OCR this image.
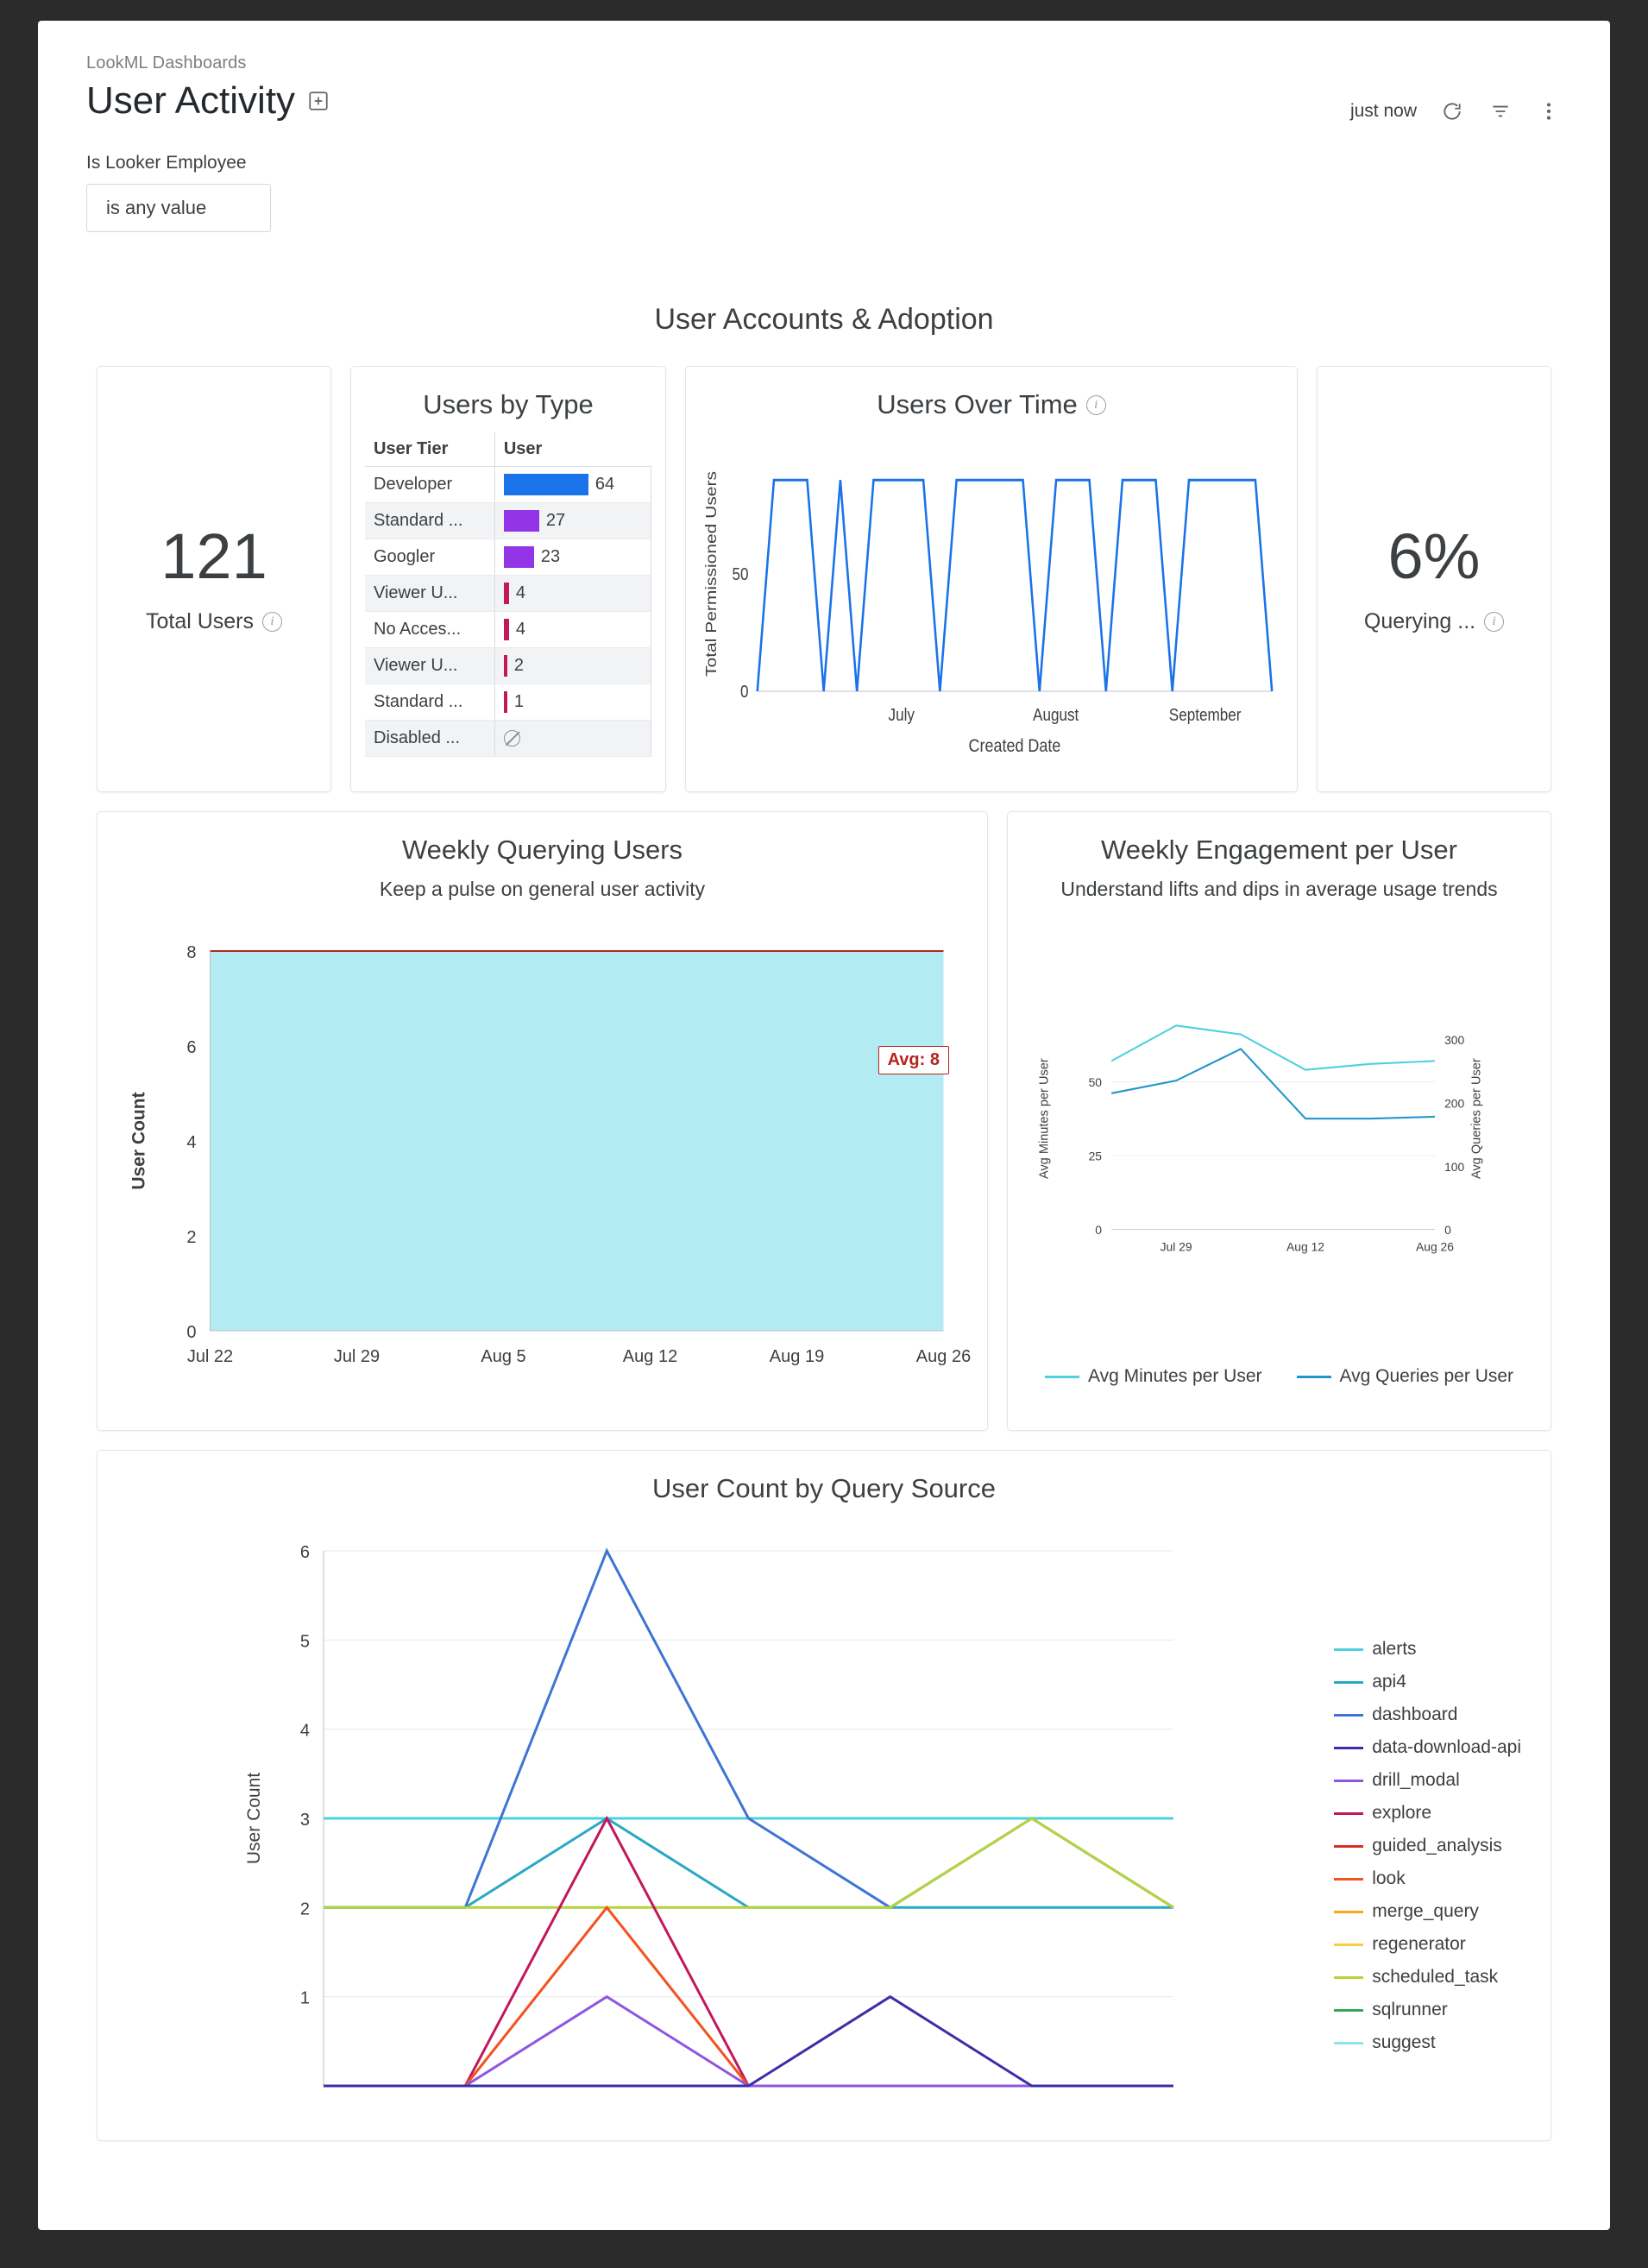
LookML Dashboards
User Activity	just now
Is Looker Employee
is any value
User Accounts & Adoption
121
Total Users	i
Users by Type
User Tier	User
Developer	64

Standard ...	27

Googler	23

Viewer U...	4

No Acces...	4

Viewer U...	2

Standard ...	1

Disabled ...	
Users Over Time	i
0
50
July	August	September
Created Date
Total Permissioned Users	6%
Querying ...	i
Weekly Querying Users
Keep a pulse on general user activity
0
2
4
6
8
Jul 22	Jul 29	Aug 5	Aug 12	Aug 19	Aug 26
User Count
Avg: 8
Weekly Engagement per User
Understand lifts and dips in average usage trends
0
25
50
0
100
200
300
Jul 29	Aug 12	Aug 26
Avg Minutes per User	Avg Queries per User
Avg Minutes per User	Avg Queries per User
User Count by Query Source
1
2
3
4
5
6
User Count
alerts
api4
dashboard
data-download-api
drill_modal
explore
guided_analysis
look
merge_query
regenerator
scheduled_task
sqlrunner
suggest
